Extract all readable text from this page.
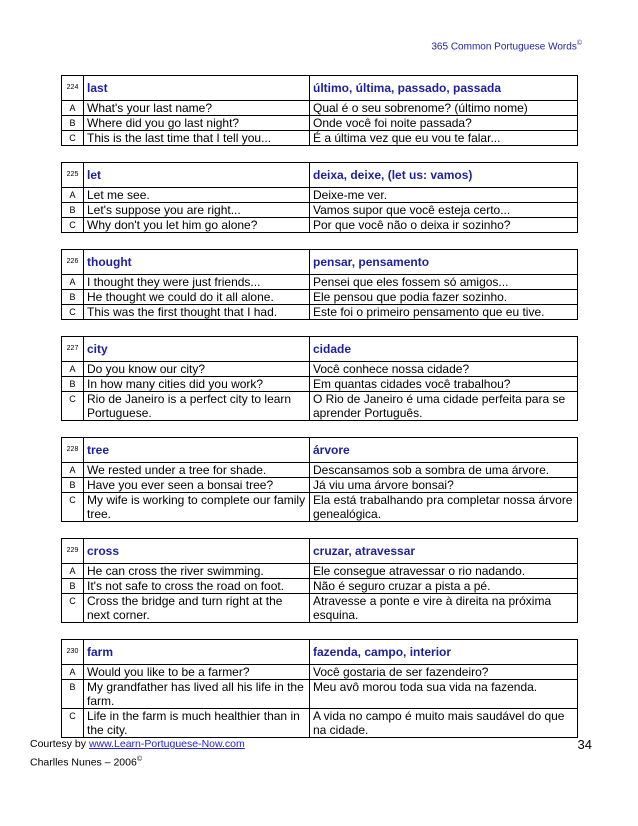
365 Common Portuguese Words©
224	last	último, última, passado, passada
A	What's your last name?	Qual é o seu sobrenome? (último nome)
B	Where did you go last night?	Onde você foi noite passada?
C	This is the last time that I tell you...	É a última vez que eu vou te falar...
225	let	deixa, deixe, (let us: vamos)
A	Let me see.	Deixe-me ver.
B	Let's suppose you are right...	Vamos supor que você esteja certo...
C	Why don't you let him go alone?	Por que você não o deixa ir sozinho?
226	thought	pensar, pensamento
A	I thought they were just friends...	Pensei que eles fossem só amigos...
B	He thought we could do it all alone.	Ele pensou que podia fazer sozinho.
C	This was the first thought that I had.	Este foi o primeiro pensamento que eu tive.
227	city	cidade
A	Do you know our city?	Você conhece nossa cidade?
B	In how many cities did you work?	Em quantas cidades você trabalhou?
C	Rio de Janeiro is a perfect city to learn Portuguese.	O Rio de Janeiro é uma cidade perfeita para se aprender Português.
228	tree	árvore
A	We rested under a tree for shade.	Descansamos sob a sombra de uma árvore.
B	Have you ever seen a bonsai tree?	Já viu uma árvore bonsai?
C	My wife is working to complete our family tree.	Ela está trabalhando pra completar nossa árvore genealógica.
229	cross	cruzar, atravessar
A	He can cross the river swimming.	Ele consegue atravessar o rio nadando.
B	It's not safe to cross the road on foot.	Não é seguro cruzar a pista a pé.
C	Cross the bridge and turn right at the next corner.	Atravesse a ponte e vire à direita na próxima esquina.
230	farm	fazenda, campo, interior
A	Would you like to be a farmer?	Você gostaria de ser fazendeiro?
B	My grandfather has lived all his life in the farm.	Meu avô morou toda sua vida na fazenda.
C	Life in the farm is much healthier than in the city.	A vida no campo é muito mais saudável do que na cidade.
Courtesy by www.Learn-Portuguese-Now.com
Charlles Nunes – 2006©
34
